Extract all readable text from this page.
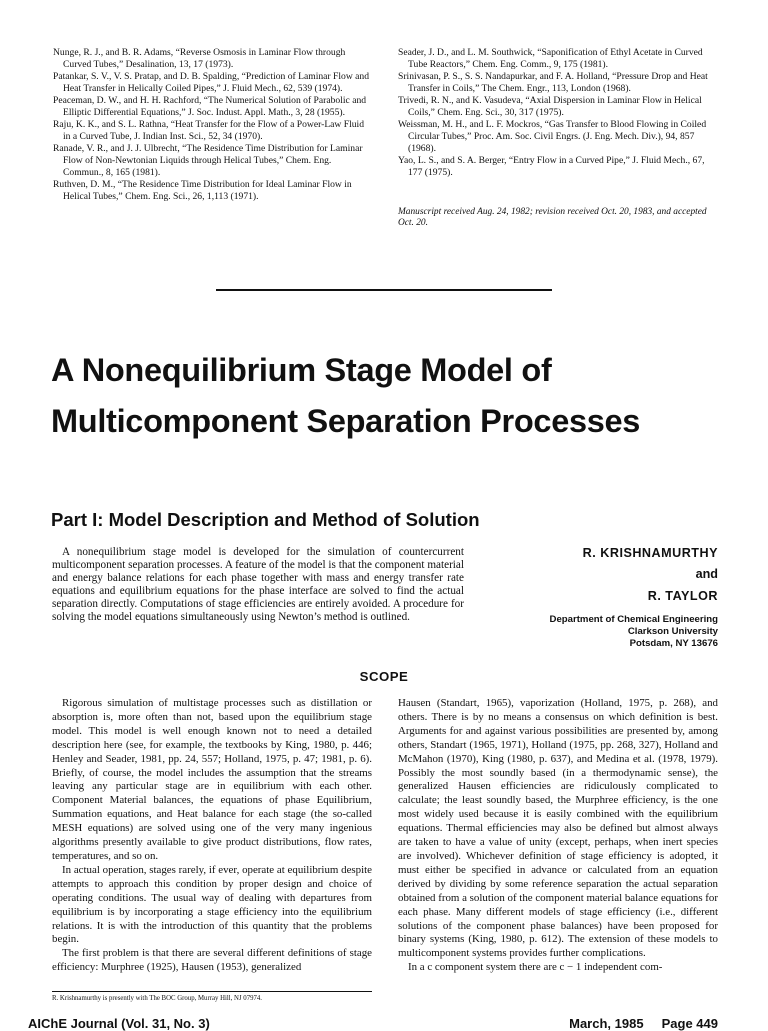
Nunge, R. J., and B. R. Adams, “Reverse Osmosis in Laminar Flow through Curved Tubes,” Desalination, 13, 17 (1973).

Patankar, S. V., V. S. Pratap, and D. B. Spalding, “Prediction of Laminar Flow and Heat Transfer in Helically Coiled Pipes,” J. Fluid Mech., 62, 539 (1974).

Peaceman, D. W., and H. H. Rachford, “The Numerical Solution of Parabolic and Elliptic Differential Equations,” J. Soc. Indust. Appl. Math., 3, 28 (1955).

Raju, K. K., and S. L. Rathna, “Heat Transfer for the Flow of a Power-Law Fluid in a Curved Tube, J. Indian Inst. Sci., 52, 34 (1970).

Ranade, V. R., and J. J. Ulbrecht, “The Residence Time Distribution for Laminar Flow of Non-Newtonian Liquids through Helical Tubes,” Chem. Eng. Commun., 8, 165 (1981).

Ruthven, D. M., “The Residence Time Distribution for Ideal Laminar Flow in Helical Tubes,” Chem. Eng. Sci., 26, 1,113 (1971).

Seader, J. D., and L. M. Southwick, “Saponification of Ethyl Acetate in Curved Tube Reactors,” Chem. Eng. Comm., 9, 175 (1981).

Srinivasan, P. S., S. S. Nandapurkar, and F. A. Holland, “Pressure Drop and Heat Transfer in Coils,” The Chem. Engr., 113, London (1968).

Trivedi, R. N., and K. Vasudeva, “Axial Dispersion in Laminar Flow in Helical Coils,” Chem. Eng. Sci., 30, 317 (1975).

Weissman, M. H., and L. F. Mockros, “Gas Transfer to Blood Flowing in Coiled Circular Tubes,” Proc. Am. Soc. Civil Engrs. (J. Eng. Mech. Div.), 94, 857 (1968).

Yao, L. S., and S. A. Berger, “Entry Flow in a Curved Pipe,” J. Fluid Mech., 67, 177 (1975).

Manuscript received Aug. 24, 1982; revision received Oct. 20, 1983, and accepted Oct. 20.
A Nonequilibrium Stage Model of
Multicomponent Separation Processes
Part I: Model Description and Method of Solution

A nonequilibrium stage model is developed for the simulation of countercurrent multicomponent separation processes. A feature of the model is that the component material and energy balance relations for each phase together with mass and energy transfer rate equations and equilibrium equations for the phase interface are solved to find the actual separation directly. Computations of stage efficiencies are entirely avoided. A procedure for solving the model equations simultaneously using Newton’s method is outlined.

R. KRISHNAMURTHY
and
R. TAYLOR
Department of Chemical Engineering
Clarkson University
Potsdam, NY 13676
SCOPE

Rigorous simulation of multistage processes such as distillation or absorption is, more often than not, based upon the equilibrium stage model. This model is well enough known not to need a detailed description here (see, for example, the textbooks by King, 1980, p. 446; Henley and Seader, 1981, pp. 24, 557; Holland, 1975, p. 47; 1981, p. 6). Briefly, of course, the model includes the assumption that the streams leaving any particular stage are in equilibrium with each other. Component Material balances, the equations of phase Equilibrium, Summation equations, and Heat balance for each stage (the so-called MESH equations) are solved using one of the very many ingenious algorithms presently available to give product distributions, flow rates, temperatures, and so on.

In actual operation, stages rarely, if ever, operate at equilibrium despite attempts to approach this condition by proper design and choice of operating conditions. The usual way of dealing with departures from equilibrium is by incorporating a stage efficiency into the equilibrium relations. It is with the introduction of this quantity that the problems begin.

The first problem is that there are several different definitions of stage efficiency: Murphree (1925), Hausen (1953), generalized

Hausen (Standart, 1965), vaporization (Holland, 1975, p. 268), and others. There is by no means a consensus on which definition is best. Arguments for and against various possibilities are presented by, among others, Standart (1965, 1971), Holland (1975, pp. 268, 327), Holland and McMahon (1970), King (1980, p. 637), and Medina et al. (1978, 1979). Possibly the most soundly based (in a thermodynamic sense), the generalized Hausen efficiencies are ridiculously complicated to calculate; the least soundly based, the Murphree efficiency, is the one most widely used because it is easily combined with the equilibrium equations. Thermal efficiencies may also be defined but almost always are taken to have a value of unity (except, perhaps, when inert species are involved). Whichever definition of stage efficiency is adopted, it must either be specified in advance or calculated from an equation derived by dividing by some reference separation the actual separation obtained from a solution of the component material balance equations for each phase. Many different models of stage efficiency (i.e., different solutions of the component phase balances) have been proposed for binary systems (King, 1980, p. 612). The extension of these models to multicomponent systems provides further complications.

In a c component system there are c − 1 independent com-

R. Krishnamurthy is presently with The BOC Group, Murray Hill, NJ 07974.
AIChE Journal (Vol. 31, No. 3)	March, 1985     Page 449
